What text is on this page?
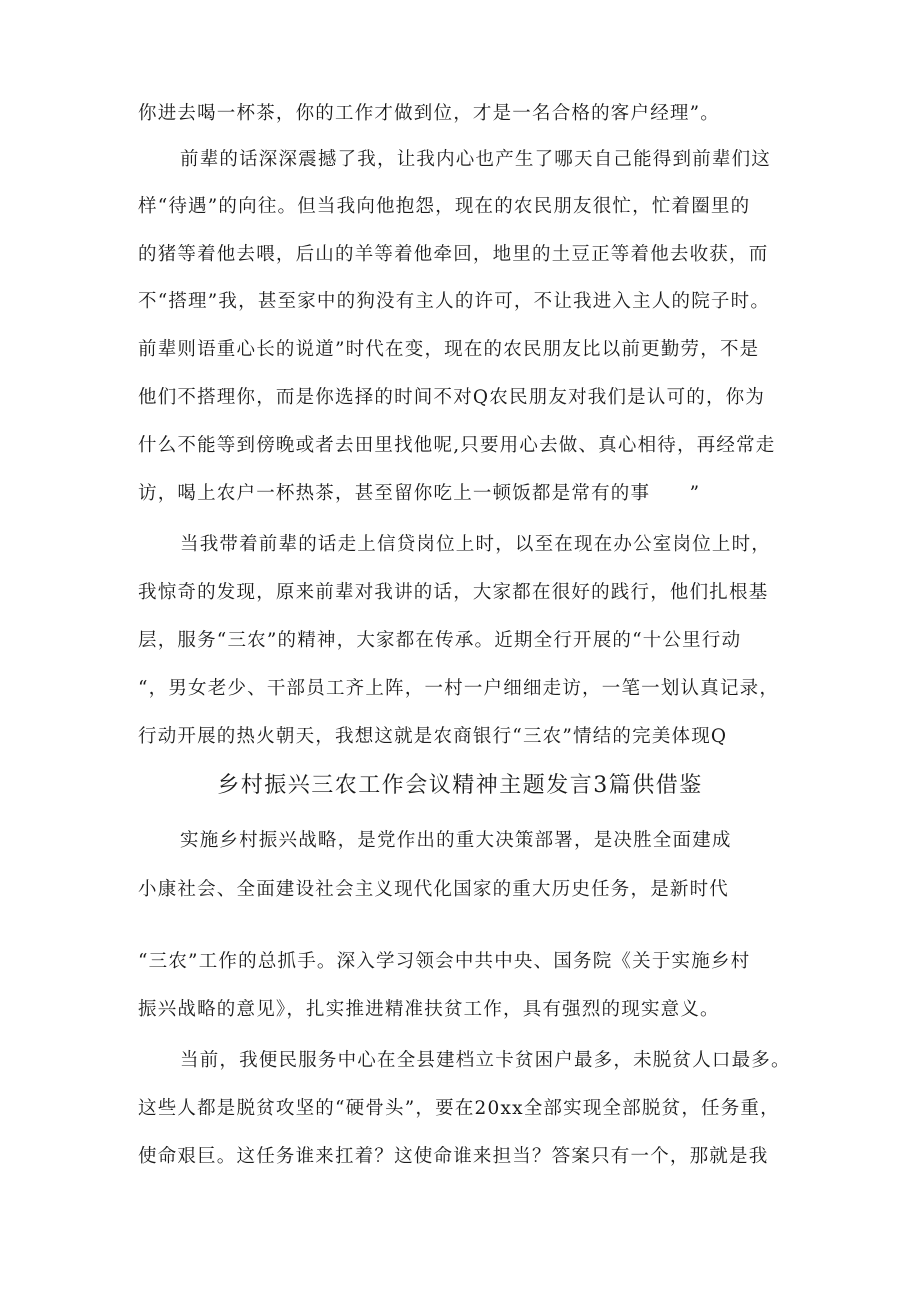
你进去喝一杯茶，你的工作才做到位，才是一名合格的客户经理”。
前辈的话深深震撼了我，让我内心也产生了哪天自己能得到前辈们这
样“待遇”的向往。但当我向他抱怨，现在的农民朋友很忙，忙着圈里的
的猪等着他去喂，后山的羊等着他牵回，地里的土豆正等着他去收获，而
不“搭理”我，甚至家中的狗没有主人的许可，不让我进入主人的院子时。
前辈则语重心长的说道”时代在变，现在的农民朋友比以前更勤劳，不是
他们不搭理你，而是你选择的时间不对Q农民朋友对我们是认可的，你为
什么不能等到傍晚或者去田里找他呢,只要用心去做、真心相待，再经常走
访，喝上农户一杯热茶，甚至留你吃上一顿饭都是常有的事　　”
当我带着前辈的话走上信贷岗位上时，以至在现在办公室岗位上时，
我惊奇的发现，原来前辈对我讲的话，大家都在很好的践行，他们扎根基
层，服务“三农”的精神，大家都在传承。近期全行开展的“十公里行动
“，男女老少、干部员工齐上阵，一村一户细细走访，一笔一划认真记录，
行动开展的热火朝天，我想这就是农商银行“三农”情结的完美体现Q
乡村振兴三农工作会议精神主题发言3篇供借鉴
实施乡村振兴战略，是党作出的重大决策部署，是决胜全面建成
小康社会、全面建设社会主义现代化国家的重大历史任务，是新时代
“三农”工作的总抓手。深入学习领会中共中央、国务院《关于实施乡村
振兴战略的意见》，扎实推进精准扶贫工作，具有强烈的现实意义。
当前，我便民服务中心在全县建档立卡贫困户最多，未脱贫人口最多。
这些人都是脱贫攻坚的“硬骨头”，要在20xx全部实现全部脱贫，任务重，
使命艰巨。这任务谁来扛着？这使命谁来担当？答案只有一个，那就是我
